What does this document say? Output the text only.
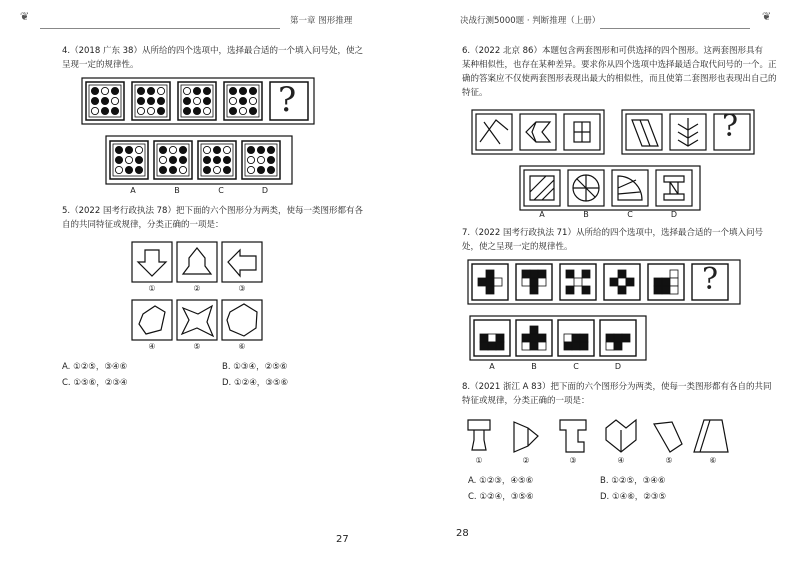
❦	第一章 图形推理
4.（2018 广东 38）从所给的四个选项中，选择最合适的一个填入问号处，使之
呈现一定的规律性。
?
A	B	C	D
5.（2022 国考行政执法 78）把下面的六个图形分为两类，使每一类图形都有各
自的共同特征或规律，分类正确的一项是：
①	②	③
④	⑤	⑥
A. ①②⑤，③④⑥	B. ①③④，②⑤⑥
C. ①⑤⑥，②③④	D. ①②④，③⑤⑥
27
决战行测5000题 · 判断推理（上册）	❦
6.（2022 北京 86）本题包含两套图形和可供选择的四个图形。这两套图形具有
某种相似性，也存在某种差异。要求你从四个选项中选择最适合取代问号的一个。正
确的答案应不仅使两套图形表现出最大的相似性，而且使第二套图形也表现出自己的
特征。
?
A	B	C	D
7.（2022 国考行政执法 71）从所给的四个选项中，选择最合适的一个填入问号
处，使之呈现一定的规律性。
?
A	B	C	D
8.（2021 浙江 A 83）把下面的六个图形分为两类，使每一类图形都有各自的共同
特征或规律，分类正确的一项是：
①	②	③	④	⑤	⑥
A. ①②③，④⑤⑥	B. ①②⑤，③④⑥
C. ①②④，③⑤⑥	D. ①④⑥，②③⑤
28
